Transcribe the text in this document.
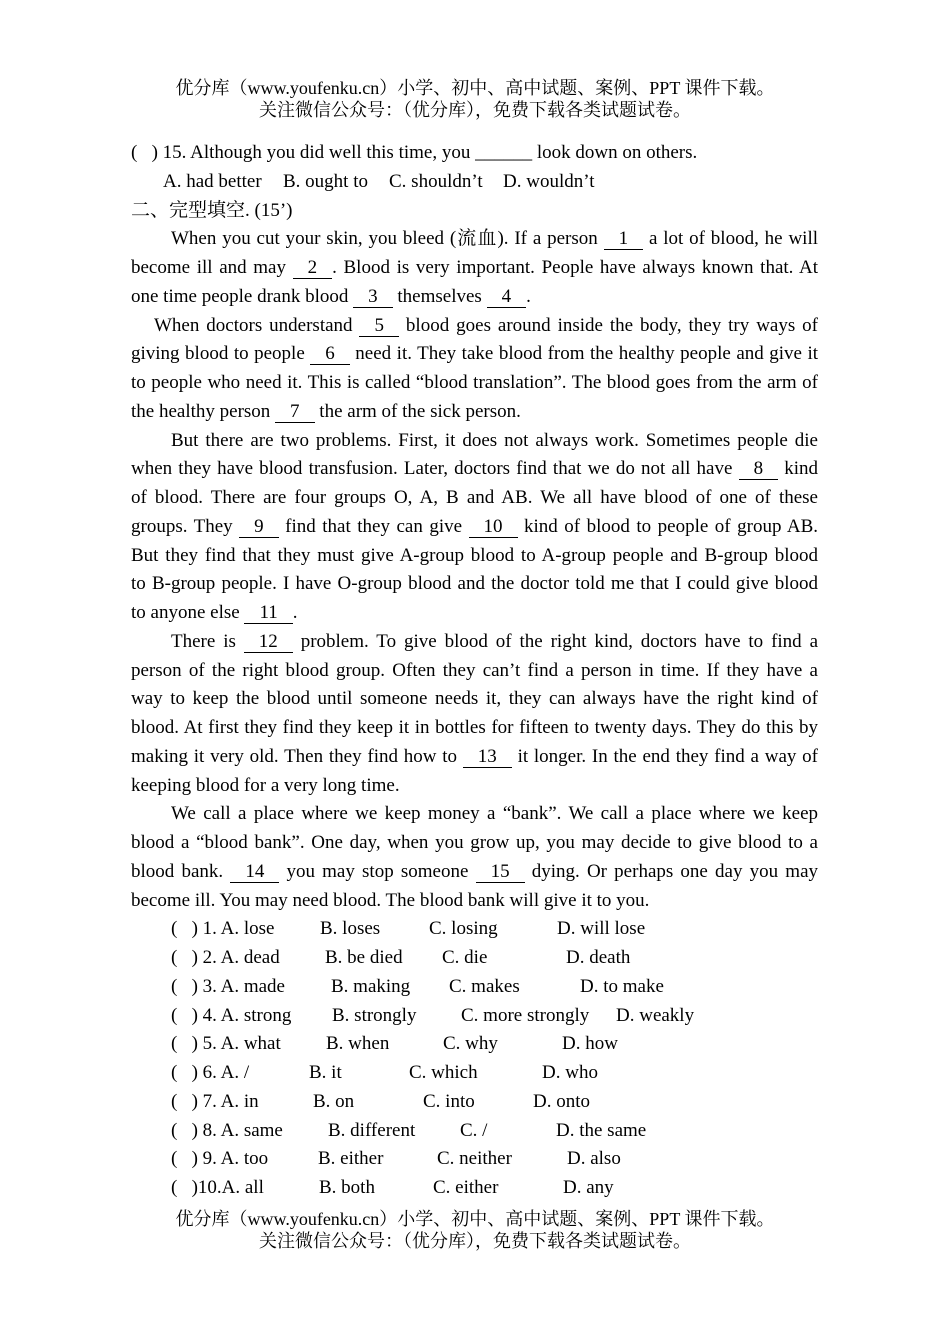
优分库（www.youfenku.cn）小学、初中、高中试题、案例、PPT 课件下载。
关注微信公众号：（优分库），免费下载各类试题试卷。
(   ) 15. Although you did well this time, you ______ look down on others.
A. had better B. ought to C. shouldn’t D. wouldn’t
二、完型填空. (15’)
When you cut your skin, you bleed (流血). If a person 1 a lot of blood, he will
become ill and may 2 . Blood is very important. People have always known that. At
one time people drank blood 3 themselves 4 .
When doctors understand 5 blood goes around inside the body, they try ways of
giving blood to people 6 need it. They take blood from the healthy people and give it
to people who need it. This is called “blood translation”. The blood goes from the arm of
the healthy person 7 the arm of the sick person.
But there are two problems. First, it does not always work. Sometimes people die
when they have blood transfusion. Later, doctors find that we do not all have 8 kind
of blood. There are four groups O, A, B and AB. We all have blood of one of these
groups. They 9 find that they can give 10 kind of blood to people of group AB.
But they find that they must give A-group blood to A-group people and B-group blood
to B-group people. I have O-group blood and the doctor told me that I could give blood
to anyone else 11 .
There is 12 problem. To give blood of the right kind, doctors have to find a
person of the right blood group. Often they can’t find a person in time. If they have a
way to keep the blood until someone needs it, they can always have the right kind of
blood. At first they find they keep it in bottles for fifteen to twenty days. They do this by
making it very old. Then they find how to 13 it longer. In the end they find a way of
keeping blood for a very long time.
We call a place where we keep money a “bank”. We call a place where we keep
blood a “blood bank”. One day, when you grow up, you may decide to give blood to a
blood bank. 14 you may stop someone 15 dying. Or perhaps one day you may
become ill. You may need blood. The blood bank will give it to you.
(   ) 1. A. lose B. loses	C. losing	D. will lose
(   ) 2. A. dead B. be died C. die	D. death
(   ) 3. A. made B. making C. makes	D. to make
(   ) 4. A. strong B. strongly C. more strongly D. weakly
(   ) 5. A. what B. when	C. why	D. how
(   ) 6. A. /	B. it	C. which	D. who
(   ) 7. A. in	B. on	C. into	D. onto
(   ) 8. A. same B. different C. /	D. the same
(   ) 9. A. too	B. either	C. neither	D. also
(   )10.A. all	B. both	C. either	D. any
优分库（www.youfenku.cn）小学、初中、高中试题、案例、PPT 课件下载。
关注微信公众号：（优分库），免费下载各类试题试卷。
